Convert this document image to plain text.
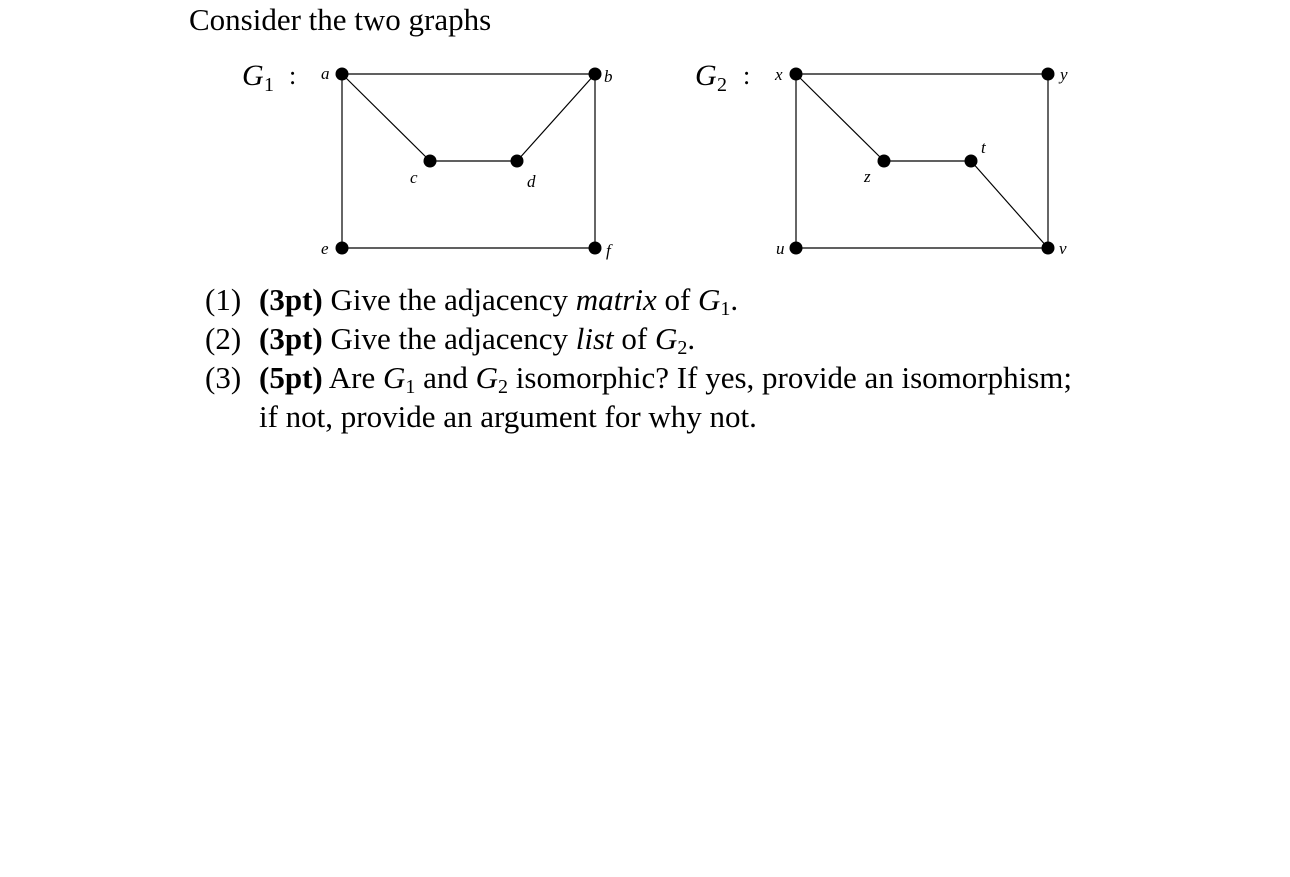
Consider the two graphs
G 1 : a	b
c	d
e	f
G 2 : x	y
z
t
u	v
(1) (3pt) Give the adjacency matrix of $G_1$.
(2) (3pt) Give the adjacency list of $G_2$.
(3) (5pt) Are $G_1$ and $G_2$ isomorphic? If yes, provide an isomorphism;
if not, provide an argument for why not.
